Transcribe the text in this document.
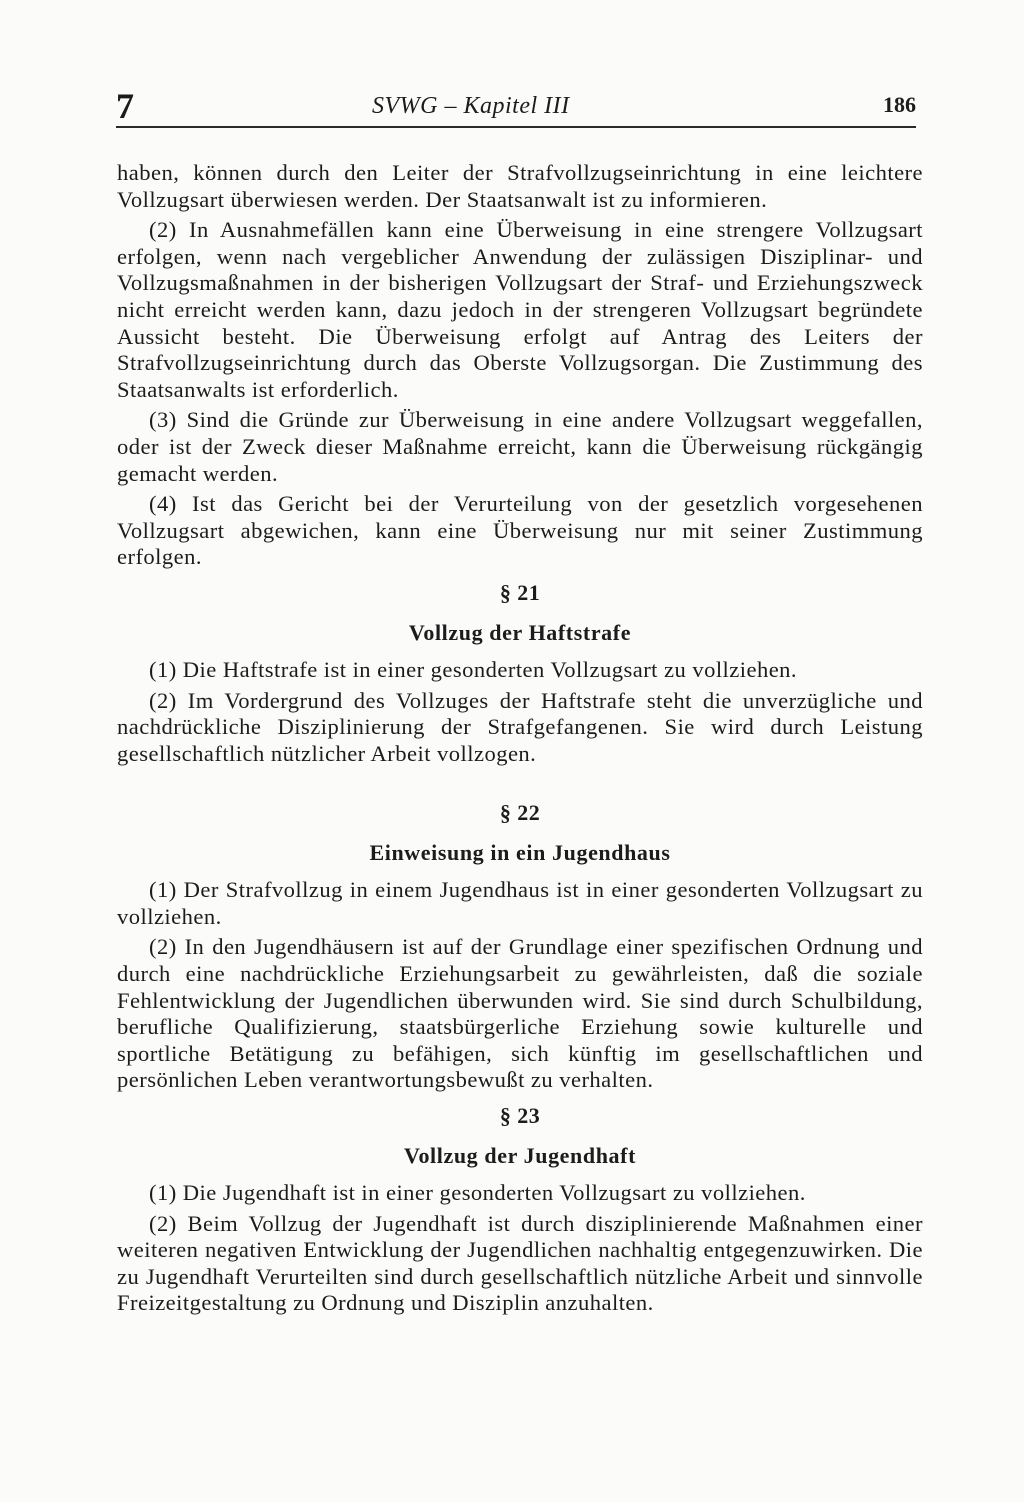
7	SVWG – Kapitel III	186

haben, können durch den Leiter der Strafvollzugseinrichtung in eine leichtere Vollzugsart überwiesen werden. Der Staatsanwalt ist zu informieren.

(2) In Ausnahmefällen kann eine Überweisung in eine strengere Vollzugsart erfolgen, wenn nach vergeblicher Anwendung der zulässigen Disziplinar- und Vollzugsmaßnahmen in der bisherigen Vollzugsart der Straf- und Erziehungszweck nicht erreicht werden kann, dazu jedoch in der strengeren Vollzugsart begründete Aussicht besteht. Die Überweisung erfolgt auf Antrag des Leiters der Strafvollzugseinrichtung durch das Oberste Vollzugsorgan. Die Zustimmung des Staatsanwalts ist erforderlich.

(3) Sind die Gründe zur Überweisung in eine andere Vollzugsart weggefallen, oder ist der Zweck dieser Maßnahme erreicht, kann die Überweisung rückgängig gemacht werden.

(4) Ist das Gericht bei der Verurteilung von der gesetzlich vorgesehenen Vollzugsart abgewichen, kann eine Überweisung nur mit seiner Zustimmung erfolgen.

§ 21
Vollzug der Haftstrafe

(1) Die Haftstrafe ist in einer gesonderten Vollzugsart zu vollziehen.

(2) Im Vordergrund des Vollzuges der Haftstrafe steht die unverzügliche und nachdrückliche Disziplinierung der Strafgefangenen. Sie wird durch Leistung gesellschaftlich nützlicher Arbeit vollzogen.

§ 22
Einweisung in ein Jugendhaus

(1) Der Strafvollzug in einem Jugendhaus ist in einer gesonderten Vollzugsart zu vollziehen.

(2) In den Jugendhäusern ist auf der Grundlage einer spezifischen Ordnung und durch eine nachdrückliche Erziehungsarbeit zu gewährleisten, daß die soziale Fehlentwicklung der Jugendlichen überwunden wird. Sie sind durch Schulbildung, berufliche Qualifizierung, staatsbürgerliche Erziehung sowie kulturelle und sportliche Betätigung zu befähigen, sich künftig im gesellschaftlichen und persönlichen Leben verantwortungsbewußt zu verhalten.

§ 23
Vollzug der Jugendhaft

(1) Die Jugendhaft ist in einer gesonderten Vollzugsart zu vollziehen.

(2) Beim Vollzug der Jugendhaft ist durch disziplinierende Maßnahmen einer weiteren negativen Entwicklung der Jugendlichen nachhaltig entgegenzuwirken. Die zu Jugendhaft Verurteilten sind durch gesellschaftlich nützliche Arbeit und sinnvolle Freizeitgestaltung zu Ordnung und Disziplin anzuhalten.
